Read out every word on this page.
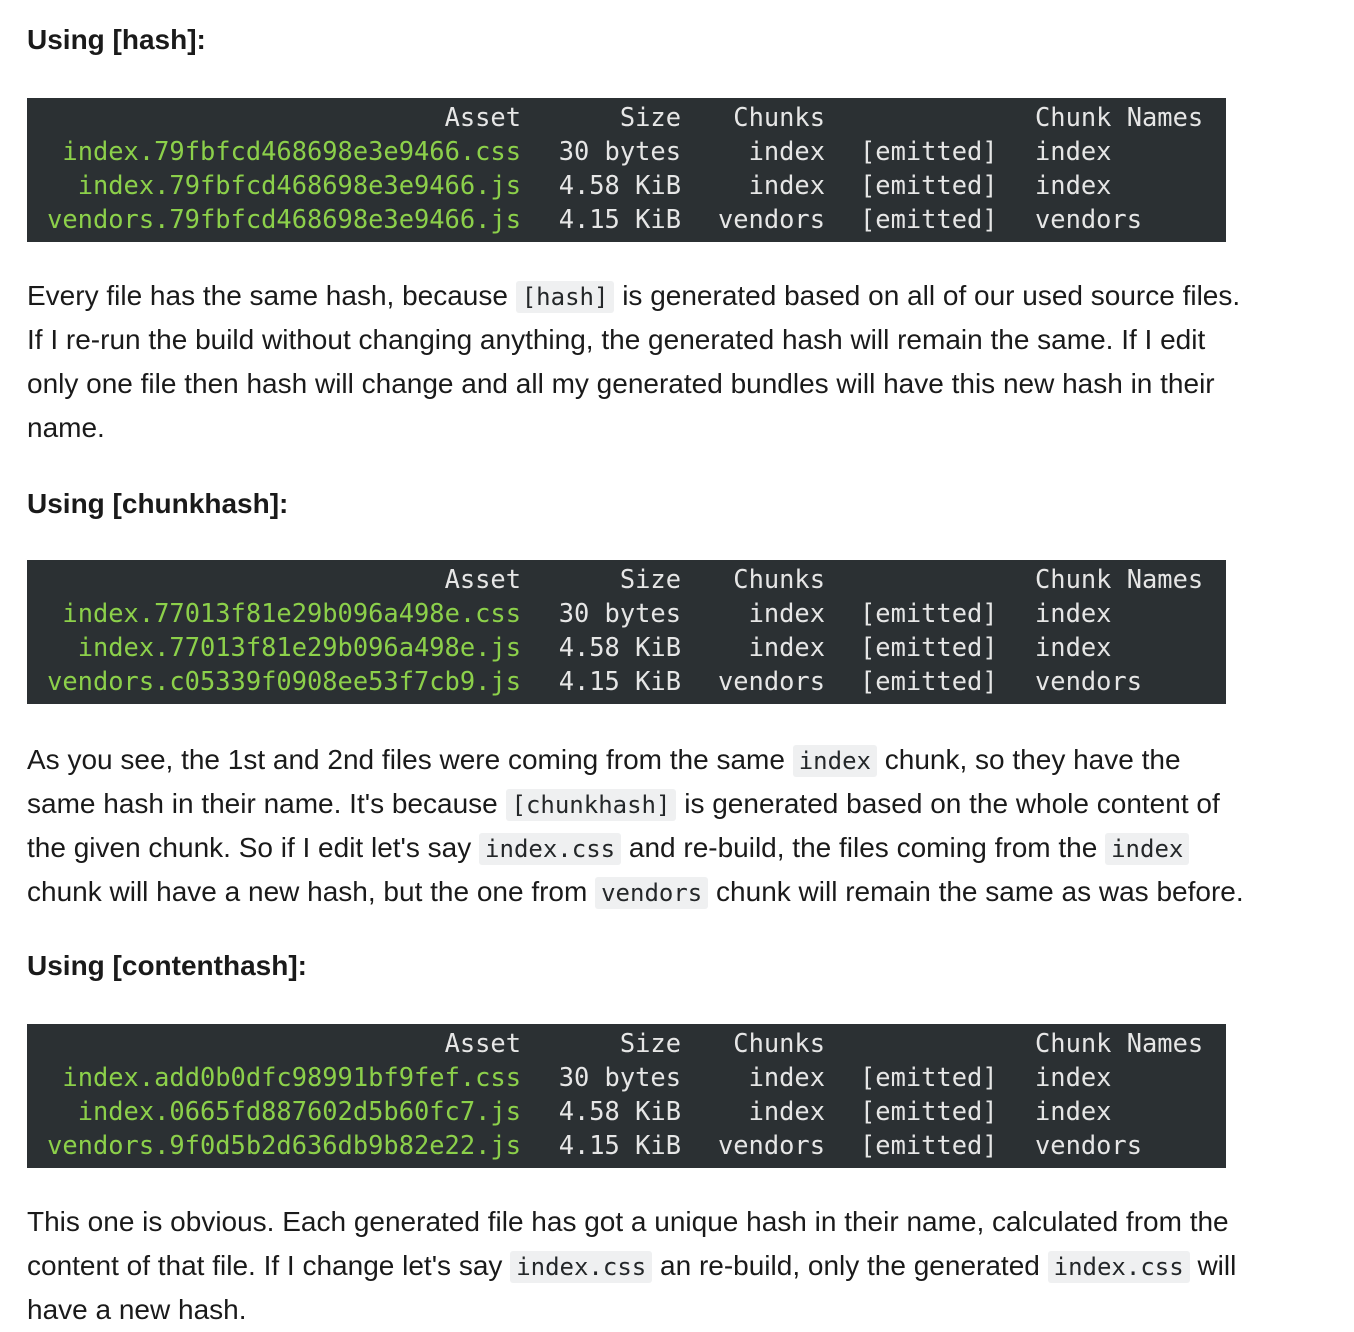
Using [hash]:
Asset	Size Chunks	Chunk Names
index.79fbfcd468698e3e9466.css 30 bytes	index [emitted] index
index.79fbfcd468698e3e9466.js 4.58 KiB	index [emitted] index
vendors.79fbfcd468698e3e9466.js 4.15 KiB vendors [emitted] vendors
Every file has the same hash, because [hash] is generated based on all of our used source files.
If I re-run the build without changing anything, the generated hash will remain the same. If I edit
only one file then hash will change and all my generated bundles will have this new hash in their
name.
Using [chunkhash]:
Asset	Size Chunks	Chunk Names
index.77013f81e29b096a498e.css 30 bytes	index [emitted] index
index.77013f81e29b096a498e.js 4.58 KiB	index [emitted] index
vendors.c05339f0908ee53f7cb9.js 4.15 KiB vendors [emitted] vendors
As you see, the 1st and 2nd files were coming from the same index chunk, so they have the
same hash in their name. It's because [chunkhash] is generated based on the whole content of
the given chunk. So if I edit let's say index.css and re-build, the files coming from the index
chunk will have a new hash, but the one from vendors chunk will remain the same as was before.
Using [contenthash]:
Asset	Size Chunks	Chunk Names
index.add0b0dfc98991bf9fef.css 30 bytes	index [emitted] index
index.0665fd887602d5b60fc7.js 4.58 KiB	index [emitted] index
vendors.9f0d5b2d636db9b82e22.js 4.15 KiB vendors [emitted] vendors
This one is obvious. Each generated file has got a unique hash in their name, calculated from the
content of that file. If I change let's say index.css an re-build, only the generated index.css will
have a new hash.
